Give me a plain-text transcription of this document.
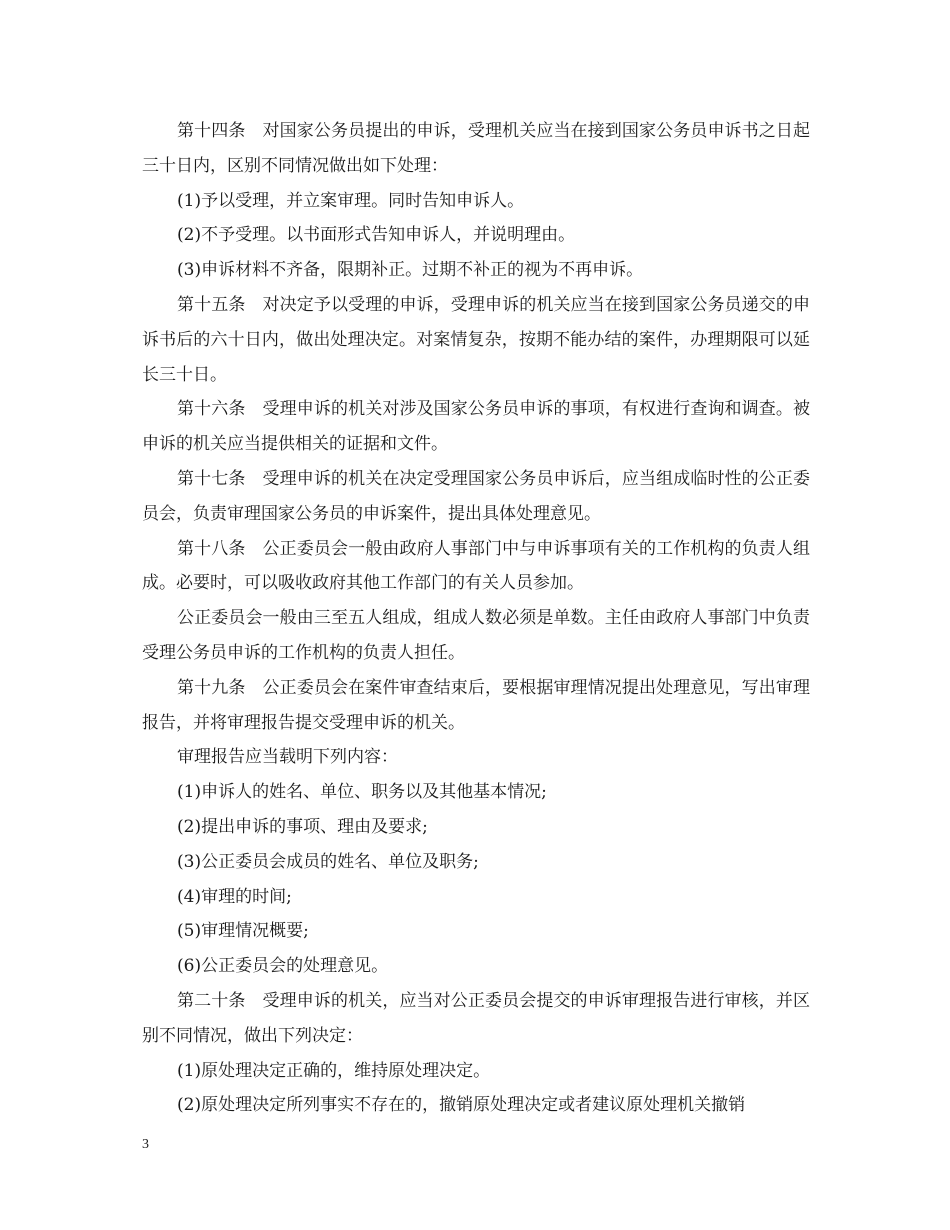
第十四条　对国家公务员提出的申诉，受理机关应当在接到国家公务员申诉书之日起三十日内，区别不同情况做出如下处理：

(1)予以受理，并立案审理。同时告知申诉人。

(2)不予受理。以书面形式告知申诉人，并说明理由。

(3)申诉材料不齐备，限期补正。过期不补正的视为不再申诉。

第十五条　对决定予以受理的申诉，受理申诉的机关应当在接到国家公务员递交的申诉书后的六十日内，做出处理决定。对案情复杂，按期不能办结的案件，办理期限可以延长三十日。

第十六条　受理申诉的机关对涉及国家公务员申诉的事项，有权进行查询和调查。被申诉的机关应当提供相关的证据和文件。

第十七条　受理申诉的机关在决定受理国家公务员申诉后，应当组成临时性的公正委员会，负责审理国家公务员的申诉案件，提出具体处理意见。

第十八条　公正委员会一般由政府人事部门中与申诉事项有关的工作机构的负责人组成。必要时，可以吸收政府其他工作部门的有关人员参加。

公正委员会一般由三至五人组成，组成人数必须是单数。主任由政府人事部门中负责受理公务员申诉的工作机构的负责人担任。

第十九条　公正委员会在案件审查结束后，要根据审理情况提出处理意见，写出审理报告，并将审理报告提交受理申诉的机关。

审理报告应当载明下列内容：

(1)申诉人的姓名、单位、职务以及其他基本情况;

(2)提出申诉的事项、理由及要求;

(3)公正委员会成员的姓名、单位及职务;

(4)审理的时间;

(5)审理情况概要;

(6)公正委员会的处理意见。

第二十条　受理申诉的机关，应当对公正委员会提交的申诉审理报告进行审核，并区别不同情况，做出下列决定：

(1)原处理决定正确的，维持原处理决定。

(2)原处理决定所列事实不存在的，撤销原处理决定或者建议原处理机关撤销

3
